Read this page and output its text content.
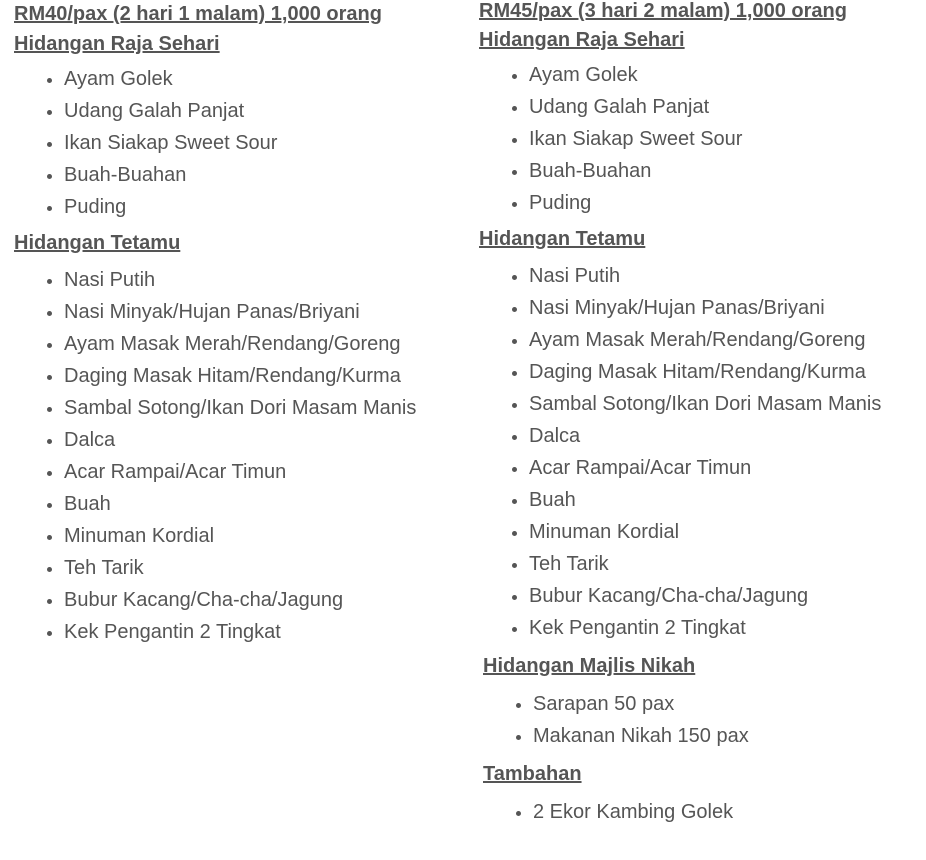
RM40/pax (2 hari 1 malam) 1,000 orang

Hidangan Raja Sehari

• Ayam Golek
• Udang Galah Panjat
• Ikan Siakap Sweet Sour
• Buah-Buahan
• Puding

Hidangan Tetamu

• Nasi Putih
• Nasi Minyak/Hujan Panas/Briyani
• Ayam Masak Merah/Rendang/Goreng
• Daging Masak Hitam/Rendang/Kurma
• Sambal Sotong/Ikan Dori Masam Manis
• Dalca
• Acar Rampai/Acar Timun
• Buah
• Minuman Kordial
• Teh Tarik
• Bubur Kacang/Cha-cha/Jagung
• Kek Pengantin 2 Tingkat

RM45/pax (3 hari 2 malam) 1,000 orang

Hidangan Raja Sehari

• Ayam Golek
• Udang Galah Panjat
• Ikan Siakap Sweet Sour
• Buah-Buahan
• Puding

Hidangan Tetamu

• Nasi Putih
• Nasi Minyak/Hujan Panas/Briyani
• Ayam Masak Merah/Rendang/Goreng
• Daging Masak Hitam/Rendang/Kurma
• Sambal Sotong/Ikan Dori Masam Manis
• Dalca
• Acar Rampai/Acar Timun
• Buah
• Minuman Kordial
• Teh Tarik
• Bubur Kacang/Cha-cha/Jagung
• Kek Pengantin 2 Tingkat

Hidangan Majlis Nikah

• Sarapan 50 pax
• Makanan Nikah 150 pax

Tambahan

• 2 Ekor Kambing Golek
